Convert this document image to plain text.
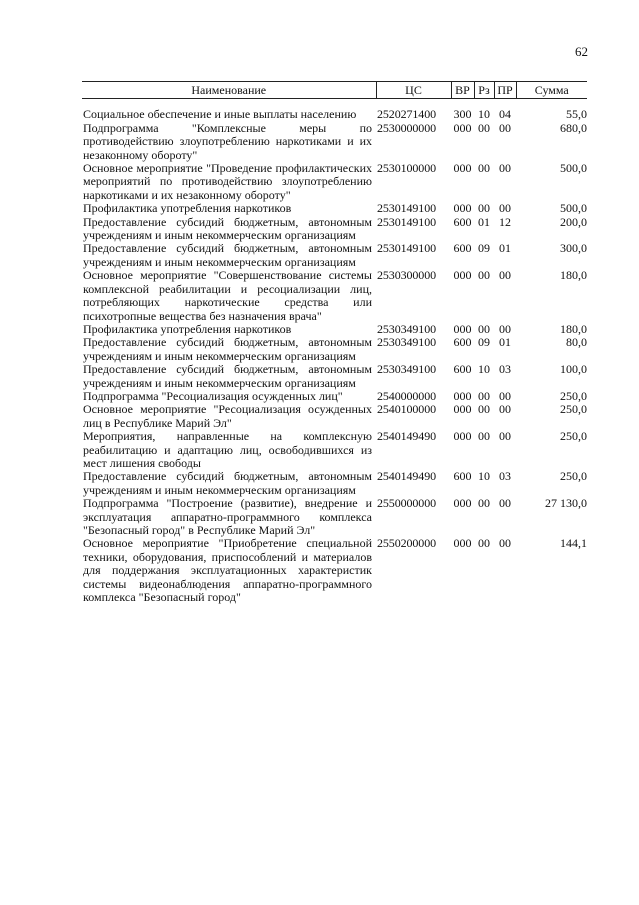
62
Наименование	ЦС	ВР	Рз	ПР	Сумма
Социальное обеспечение и иные выплаты населению	2520271400	300	10	04	55,0
Подпрограмма "Комплексные меры по противодействию злоупотреблению наркотиками и их незаконному обороту"	2530000000	000	00	00	680,0
Основное мероприятие "Проведение профилактических мероприятий по противодействию злоупотреблению наркотиками и их незаконному обороту"	2530100000	000	00	00	500,0
Профилактика употребления наркотиков	2530149100	000	00	00	500,0
Предоставление субсидий бюджетным, автономным учреждениям и иным некоммерческим организациям	2530149100	600	01	12	200,0
Предоставление субсидий бюджетным, автономным учреждениям и иным некоммерческим организациям	2530149100	600	09	01	300,0
Основное мероприятие "Совершенствование системы комплексной реабилитации и ресоциализации лиц, потребляющих наркотические средства или психотропные вещества без назначения врача"	2530300000	000	00	00	180,0
Профилактика употребления наркотиков	2530349100	000	00	00	180,0
Предоставление субсидий бюджетным, автономным учреждениям и иным некоммерческим организациям	2530349100	600	09	01	80,0
Предоставление субсидий бюджетным, автономным учреждениям и иным некоммерческим организациям	2530349100	600	10	03	100,0
Подпрограмма "Ресоциализация осужденных лиц"	2540000000	000	00	00	250,0
Основное мероприятие "Ресоциализация осужденных лиц в Республике Марий Эл"	2540100000	000	00	00	250,0
Мероприятия, направленные на комплексную реабилитацию и адаптацию лиц, освободившихся из мест лишения свободы	2540149490	000	00	00	250,0
Предоставление субсидий бюджетным, автономным учреждениям и иным некоммерческим организациям	2540149490	600	10	03	250,0
Подпрограмма "Построение (развитие), внедрение и эксплуатация аппаратно-программного комплекса "Безопасный город" в Республике Марий Эл"	2550000000	000	00	00	27 130,0
Основное мероприятие "Приобретение специальной техники, оборудования, приспособлений и материалов для поддержания эксплуатационных характеристик системы видеонаблюдения аппаратно-программного комплекса "Безопасный город"	2550200000	000	00	00	144,1
